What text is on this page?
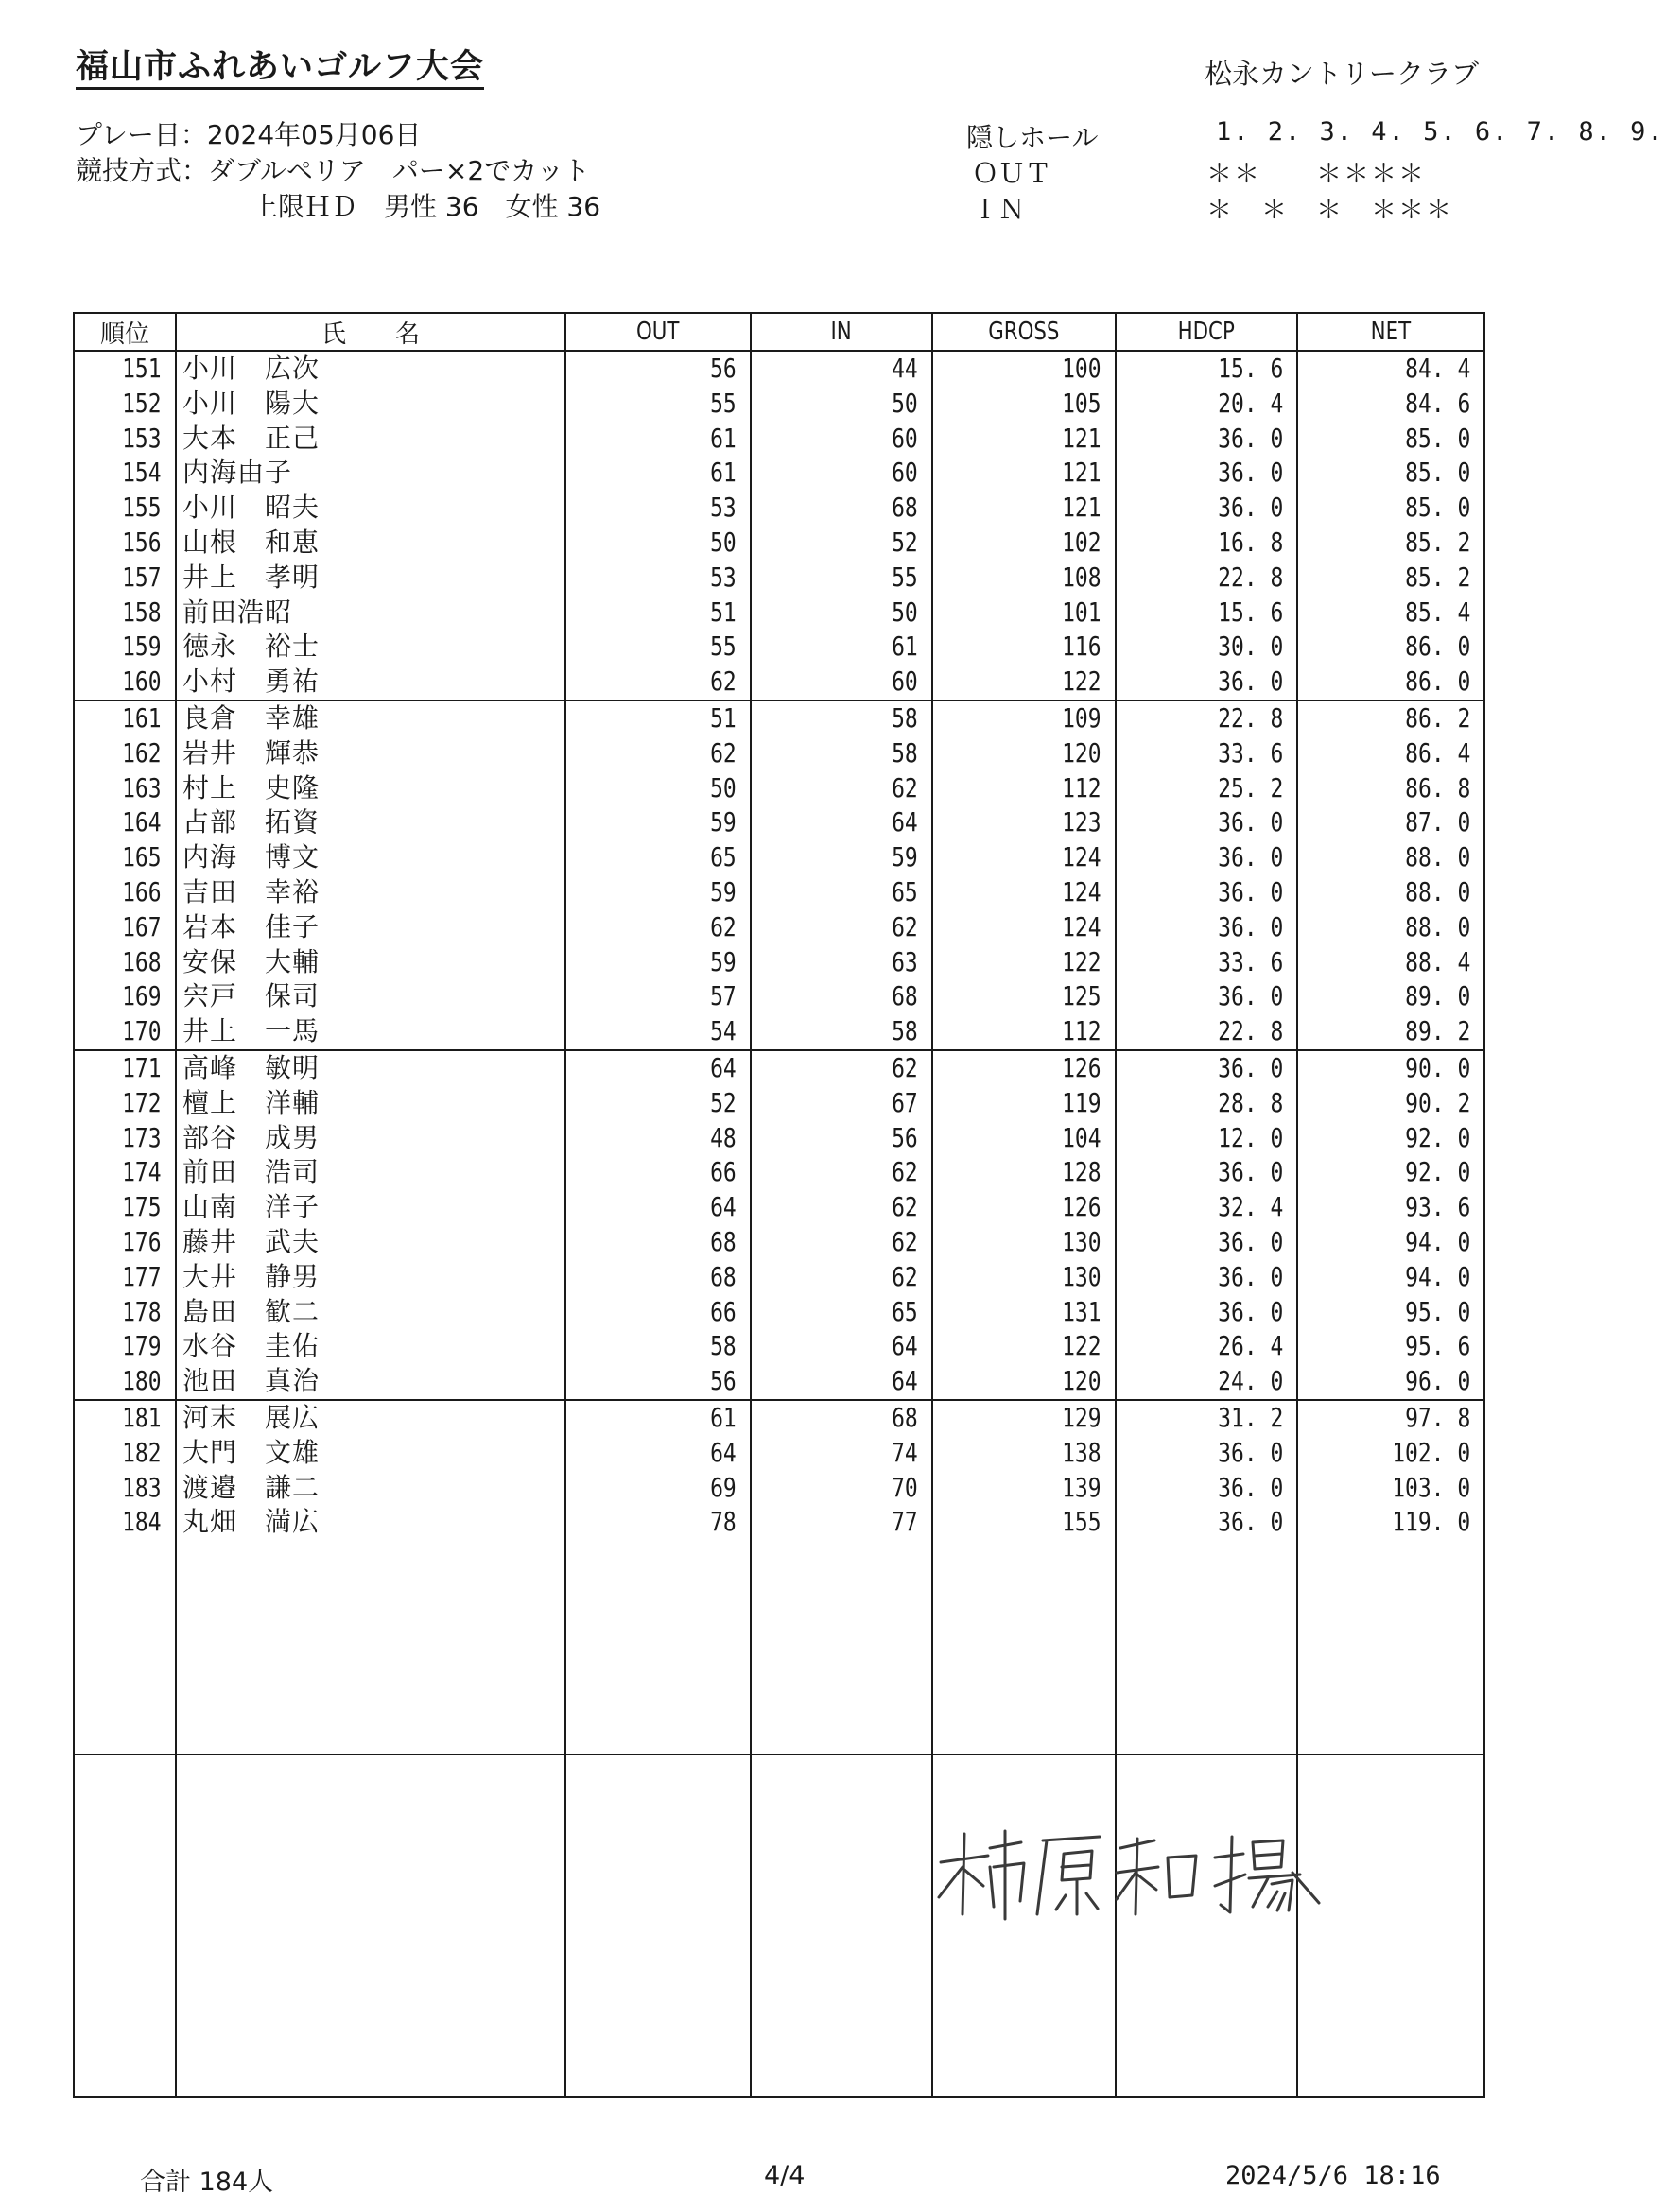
福山市ふれあいゴルフ大会	松永カントリークラブ
プレー日：2024年05月06日
競技方式：ダブルペリア　パー×2でカット
上限ＨＤ　男性 36　女性 36
隠しホール	1. 2. 3. 4. 5. 6. 7. 8. 9.
ＯＵＴ	＊＊　　＊＊＊＊
ＩＮ	＊　＊　＊　＊＊＊
順位	氏　　名	OUT	IN	GROSS	HDCP	NET
151	小川　広次	56	44	100	15. 6	84. 4
152	小川　陽大	55	50	105	20. 4	84. 6
153	大本　正己	61	60	121	36. 0	85. 0
154	内海由子	61	60	121	36. 0	85. 0
155	小川　昭夫	53	68	121	36. 0	85. 0
156	山根　和恵	50	52	102	16. 8	85. 2
157	井上　孝明	53	55	108	22. 8	85. 2
158	前田浩昭	51	50	101	15. 6	85. 4
159	徳永　裕士	55	61	116	30. 0	86. 0
160	小村　勇祐	62	60	122	36. 0	86. 0
161	良倉　幸雄	51	58	109	22. 8	86. 2
162	岩井　輝恭	62	58	120	33. 6	86. 4
163	村上　史隆	50	62	112	25. 2	86. 8
164	占部　拓資	59	64	123	36. 0	87. 0
165	内海　博文	65	59	124	36. 0	88. 0
166	吉田　幸裕	59	65	124	36. 0	88. 0
167	岩本　佳子	62	62	124	36. 0	88. 0
168	安保　大輔	59	63	122	33. 6	88. 4
169	宍戸　保司	57	68	125	36. 0	89. 0
170	井上　一馬	54	58	112	22. 8	89. 2
171	高峰　敏明	64	62	126	36. 0	90. 0
172	檀上　洋輔	52	67	119	28. 8	90. 2
173	部谷　成男	48	56	104	12. 0	92. 0
174	前田　浩司	66	62	128	36. 0	92. 0
175	山南　洋子	64	62	126	32. 4	93. 6
176	藤井　武夫	68	62	130	36. 0	94. 0
177	大井　静男	68	62	130	36. 0	94. 0
178	島田　歓二	66	65	131	36. 0	95. 0
179	水谷　圭佑	58	64	122	26. 4	95. 6
180	池田　真治	56	64	120	24. 0	96. 0
181	河末　展広	61	68	129	31. 2	97. 8
182	大門　文雄	64	74	138	36. 0	102. 0
183	渡邉　謙二	69	70	139	36. 0	103. 0
184	丸畑　満広	78	77	155	36. 0	119. 0

合計 184人	4/4	2024/5/6 18:16
